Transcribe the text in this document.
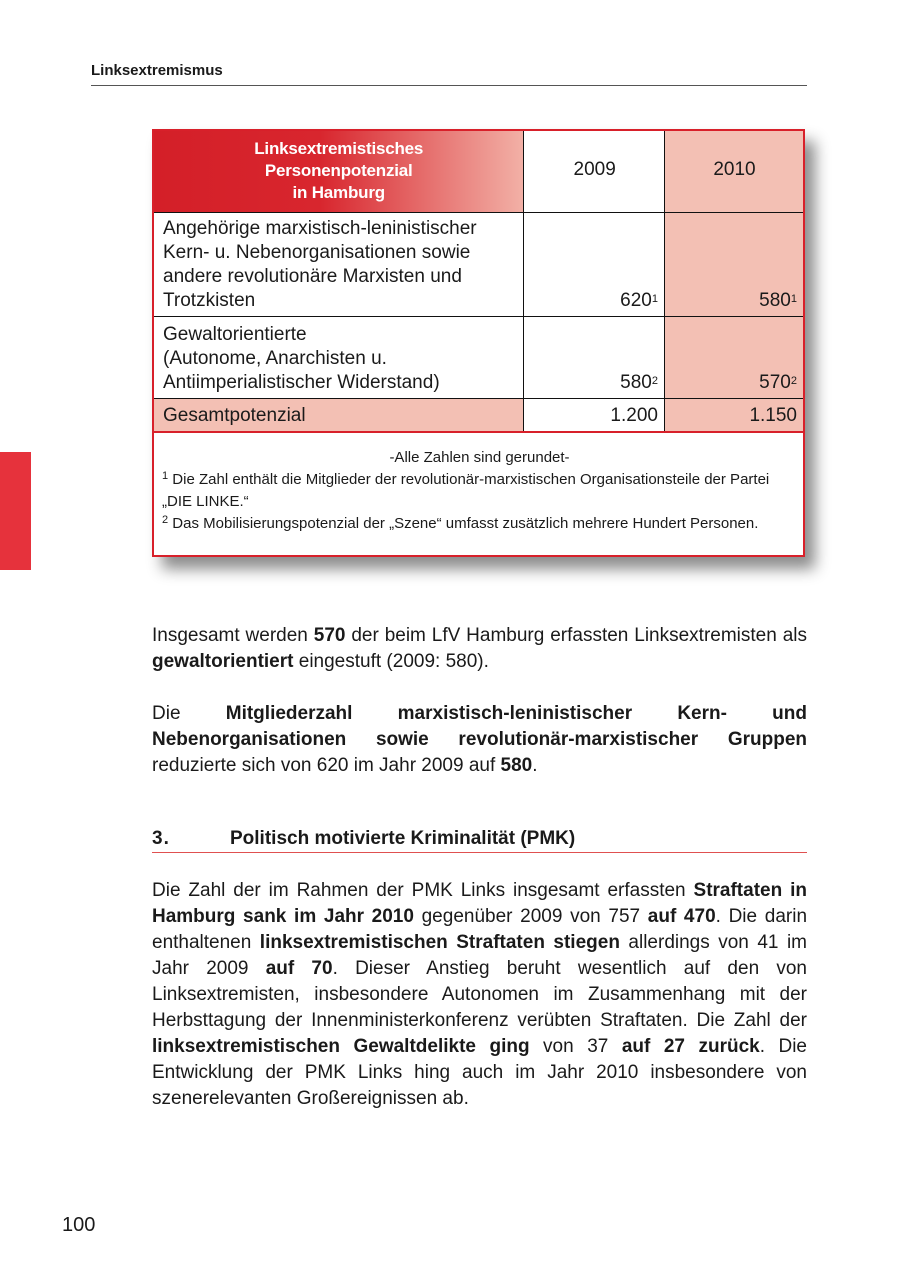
Linksextremismus
Linksextremistisches
Personenpotenzial
in Hamburg	2009	2010
Angehörige marxistisch-leninistischer
Kern- u. Nebenorganisationen sowie
andere revolutionäre Marxisten und
Trotzkisten	$620^1$	$580^1$
Gewaltorientierte
(Autonome, Anarchisten u.
Antiimperialistischer Widerstand)	$580^2$	$570^2$
Gesamtpotenzial	1.200	1.150
-Alle Zahlen sind gerundet-
$^1$ Die Zahl enthält die Mitglieder der revolutionär-marxistischen Organisationsteile der Partei „DIE LINKE.“
$^2$ Das Mobilisierungspotenzial der „Szene“ umfasst zusätzlich mehrere Hundert Personen.
Insgesamt werden 570 der beim LfV Hamburg erfassten Linksextremisten als gewaltorientiert eingestuft (2009: 580).
Die Mitgliederzahl marxistisch-leninistischer Kern- und Nebenorganisationen sowie revolutionär-marxistischer Gruppen reduzierte sich von 620 im Jahr 2009 auf 580.
3.	Politisch motivierte Kriminalität (PMK)
Die Zahl der im Rahmen der PMK Links insgesamt erfassten Straftaten in Hamburg sank im Jahr 2010 gegenüber 2009 von 757 auf 470. Die darin enthaltenen linksextremistischen Straftaten stiegen allerdings von 41 im Jahr 2009 auf 70. Dieser Anstieg beruht wesentlich auf den von Linksextremisten, insbesondere Autonomen im Zusammenhang mit der Herbsttagung der Innenministerkonferenz verübten Straftaten. Die Zahl der linksextremistischen Gewaltdelikte ging von 37 auf 27 zurück. Die Entwicklung der PMK Links hing auch im Jahr 2010 insbesondere von szenerelevanten Großereignissen ab.
100
